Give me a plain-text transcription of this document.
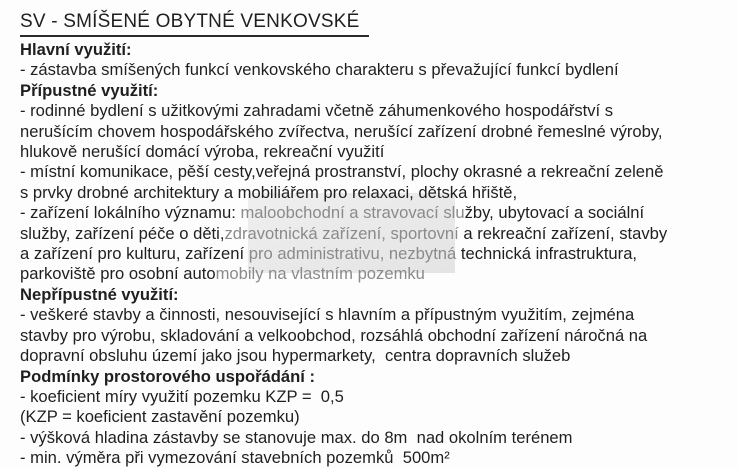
SV - SMÍŠENÉ OBYTNÉ VENKOVSKÉ
Hlavní využití:
- zástavba smíšených funkcí venkovského charakteru s převažující funkcí bydlení
Přípustné využití:
- rodinné bydlení s užitkovými zahradami včetně záhumenkového hospodářství s
nerušícím chovem hospodářského zvířectva, nerušící zařízení drobné řemeslné výroby,
hlukově nerušící domácí výroba, rekreační využití
- místní komunikace, pěší cesty,veřejná prostranství, plochy okrasné a rekreační zeleně
s prvky drobné architektury a mobiliářem pro relaxaci, dětská hřiště,
- zařízení lokálního významu: maloobchodní a stravovací služby, ubytovací a sociální
služby, zařízení péče o děti,zdravotnická zařízení, sportovní a rekreační zařízení, stavby
a zařízení pro kulturu, zařízení pro administrativu, nezbytná technická infrastruktura,
parkoviště pro osobní automobily na vlastním pozemku
Nepřípustné využití:
- veškeré stavby a činnosti, nesouvisející s hlavním a přípustným využitím, zejména
stavby pro výrobu, skladování a velkoobchod, rozsáhlá obchodní zařízení náročná na
dopravní obsluhu území jako jsou hypermarkety,  centra dopravních služeb
Podmínky prostorového uspořádání :
- koeficient míry využití pozemku KZP =  0,5
(KZP = koeficient zastavění pozemku)
- výšková hladina zástavby se stanovuje max. do 8m  nad okolním terénem
- min. výměra při vymezování stavebních pozemků  500m²
